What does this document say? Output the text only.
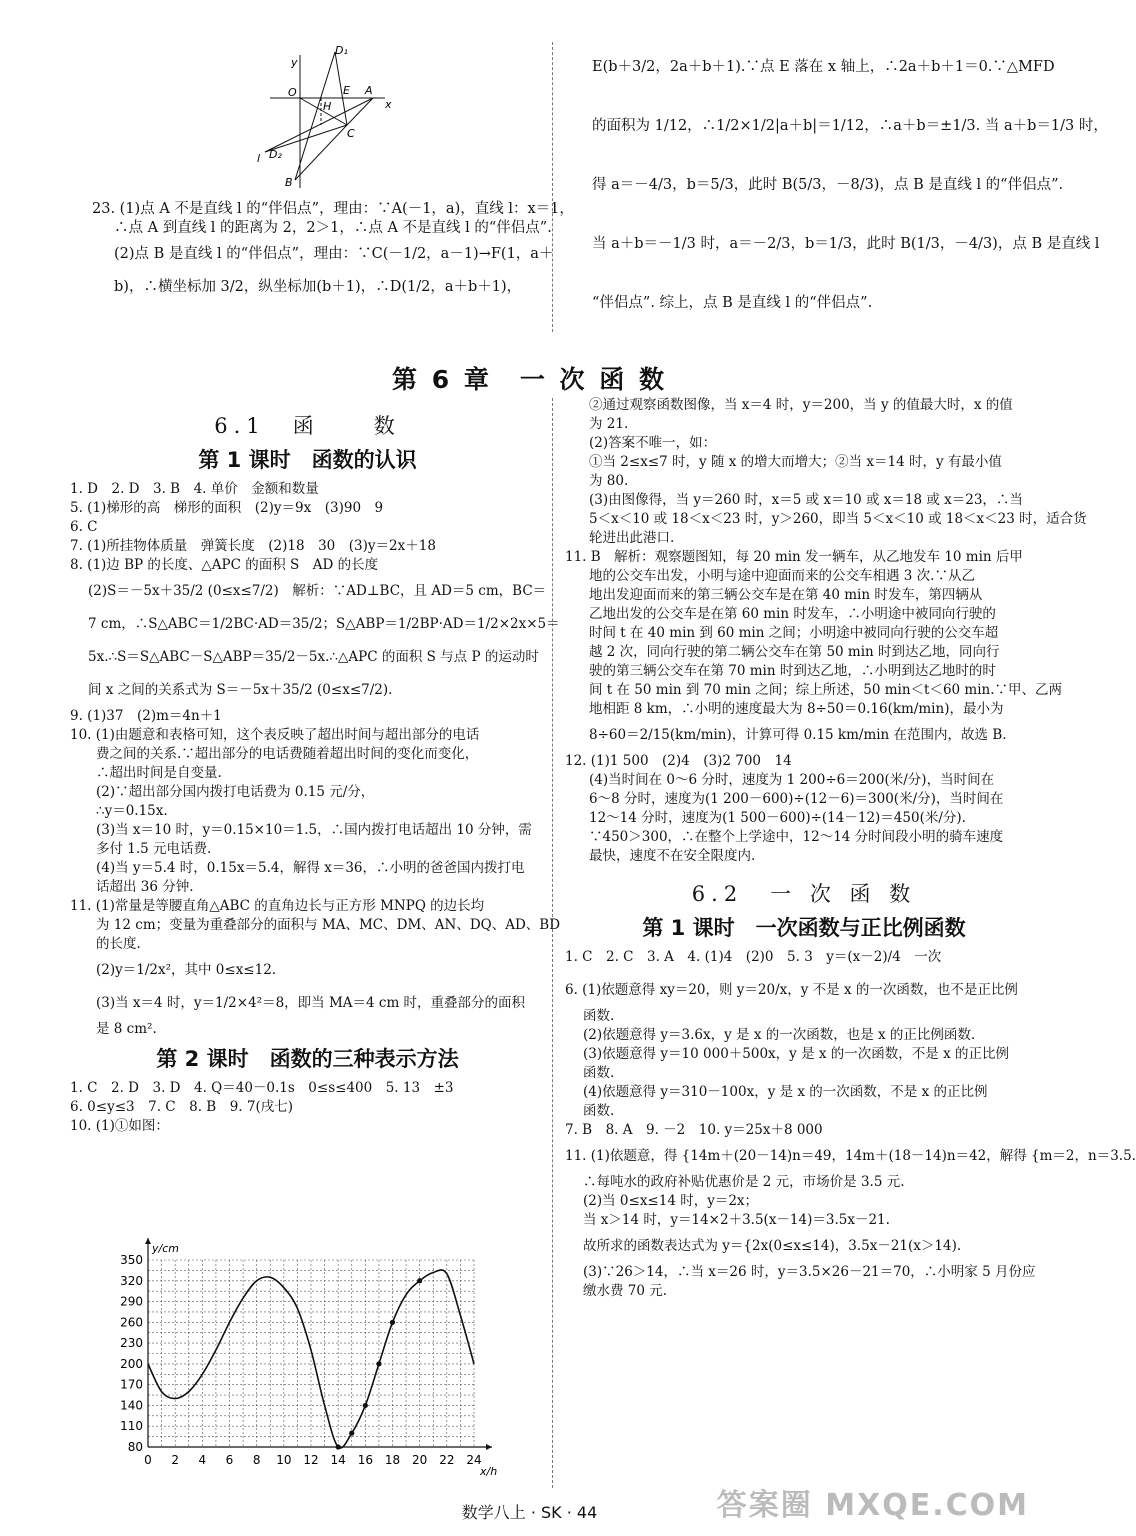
y
x
O
D₁
E A
H
C
D₂
l
B
23. (1)点 A 不是直线 l 的“伴侣点”，理由：∵A(－1，a)，直线 l：x＝1，
∴点 A 到直线 l 的距离为 2，2＞1，∴点 A 不是直线 l 的“伴侣点”.
(2)点 B 是直线 l 的“伴侣点”，理由：∵C(－1/2，a－1)→F(1，a＋
b)，∴横坐标加 3/2，纵坐标加(b＋1)，∴D(1/2，a＋b＋1)，
E(b＋3/2，2a＋b＋1).∵点 E 落在 x 轴上，∴2a＋b＋1＝0.∵△MFD
的面积为 1/12，∴1/2×1/2|a＋b|＝1/12，∴a＋b＝±1/3. 当 a＋b＝1/3 时，
得 a＝－4/3，b＝5/3，此时 B(5/3，－8/3)，点 B 是直线 l 的“伴侣点”.
当 a＋b＝－1/3 时，a＝－2/3，b＝1/3，此时 B(1/3，－4/3)，点 B 是直线 l
“伴侣点”. 综上，点 B 是直线 l 的“伴侣点”.
第 6 章　一 次 函 数
6.1　函　　数
第 1 课时　函数的认识
1. D　2. D　3. B　4. 单价　金额和数量
5. (1)梯形的高　梯形的面积　(2)y＝9x　(3)90　9
6. C
7. (1)所挂物体质量　弹簧长度　(2)18　30　(3)y＝2x＋18
8. (1)边 BP 的长度、△APC 的面积 S　AD 的长度
(2)S＝－5x＋35/2 (0≤x≤7/2)　解析：∵AD⊥BC，且 AD＝5 cm，BC＝
7 cm，∴S△ABC＝1/2BC·AD＝35/2；S△ABP＝1/2BP·AD＝1/2×2x×5＝
5x.∴S＝S△ABC－S△ABP＝35/2－5x.∴△APC 的面积 S 与点 P 的运动时
间 x 之间的关系式为 S＝－5x＋35/2 (0≤x≤7/2).
9. (1)37　(2)m＝4n＋1
10. (1)由题意和表格可知，这个表反映了超出时间与超出部分的电话
费之间的关系.∵超出部分的电话费随着超出时间的变化而变化，
∴超出时间是自变量.
(2)∵超出部分国内拨打电话费为 0.15 元/分，
∴y＝0.15x.
(3)当 x＝10 时，y＝0.15×10＝1.5，∴国内拨打电话超出 10 分钟，需
多付 1.5 元电话费.
(4)当 y＝5.4 时，0.15x＝5.4，解得 x＝36，∴小明的爸爸国内拨打电
话超出 36 分钟.
11. (1)常量是等腰直角△ABC 的直角边长与正方形 MNPQ 的边长均
为 12 cm；变量为重叠部分的面积与 MA、MC、DM、AN、DQ、AD、BD
的长度.
(2)y＝1/2x²，其中 0≤x≤12.
(3)当 x＝4 时，y＝1/2×4²＝8，即当 MA＝4 cm 时，重叠部分的面积
是 8 cm².
第 2 课时　函数的三种表示方法
1. C　2. D　3. D　4. Q＝40－0.1s　0≤s≤400　5. 13　±3
6. 0≤y≤3　7. C　8. B　9. 7(戌七)
10. (1)①如图：
0 2 4 6 8 10 12 14 16 18 20 22 24
80
110
140
170
200
230
260
290
320
350
x/h
y/cm
②通过观察函数图像，当 x＝4 时，y＝200，当 y 的值最大时，x 的值
为 21.
(2)答案不唯一，如：
①当 2≤x≤7 时，y 随 x 的增大而增大；②当 x＝14 时，y 有最小值
为 80.
(3)由图像得，当 y＝260 时，x＝5 或 x＝10 或 x＝18 或 x＝23，∴当
5＜x＜10 或 18＜x＜23 时，y＞260，即当 5＜x＜10 或 18＜x＜23 时，适合货
轮进出此港口.
11. B　解析：观察题图知，每 20 min 发一辆车，从乙地发车 10 min 后甲
地的公交车出发，小明与途中迎面而来的公交车相遇 3 次.∵从乙
地出发迎面而来的第三辆公交车是在第 40 min 时发车，第四辆从
乙地出发的公交车是在第 60 min 时发车，∴小明途中被同向行驶的
时间 t 在 40 min 到 60 min 之间；小明途中被同向行驶的公交车超
越 2 次，同向行驶的第二辆公交车在第 50 min 时到达乙地，同向行
驶的第三辆公交车在第 70 min 时到达乙地，∴小明到达乙地时的时
间 t 在 50 min 到 70 min 之间；综上所述，50 min＜t＜60 min.∵甲、乙两
地相距 8 km，∴小明的速度最大为 8÷50＝0.16(km/min)，最小为
8÷60＝2/15(km/min)，计算可得 0.15 km/min 在范围内，故选 B.
12. (1)1 500　(2)4　(3)2 700　14
(4)当时间在 0～6 分时，速度为 1 200÷6＝200(米/分)，当时间在
6～8 分时，速度为(1 200－600)÷(12－6)＝300(米/分)，当时间在
12～14 分时，速度为(1 500－600)÷(14－12)＝450(米/分).
∵450＞300，∴在整个上学途中，12～14 分时间段小明的骑车速度
最快，速度不在安全限度内.
6.2　一 次 函 数
第 1 课时　一次函数与正比例函数
1. C　2. C　3. A　4. (1)4　(2)0　5. 3　y＝(x－2)/4　一次
6. (1)依题意得 xy＝20，则 y＝20/x，y 不是 x 的一次函数，也不是正比例
函数.
(2)依题意得 y＝3.6x，y 是 x 的一次函数，也是 x 的正比例函数.
(3)依题意得 y＝10 000＋500x，y 是 x 的一次函数，不是 x 的正比例
函数.
(4)依题意得 y＝310－100x，y 是 x 的一次函数，不是 x 的正比例
函数.
7. B　8. A　9. －2　10. y＝25x＋8 000
11. (1)依题意，得 {14m＋(20－14)n＝49，14m＋(18－14)n＝42，解得 {m＝2，n＝3.5.
∴每吨水的政府补贴优惠价是 2 元，市场价是 3.5 元.
(2)当 0≤x≤14 时，y＝2x；
当 x＞14 时，y＝14×2＋3.5(x－14)＝3.5x－21.
故所求的函数表达式为 y＝{2x(0≤x≤14)，3.5x－21(x＞14).
(3)∵26＞14，∴当 x＝26 时，y＝3.5×26－21＝70，∴小明家 5 月份应
缴水费 70 元.
数学八上 · SK · 44	答案圈 MXQE.COM
